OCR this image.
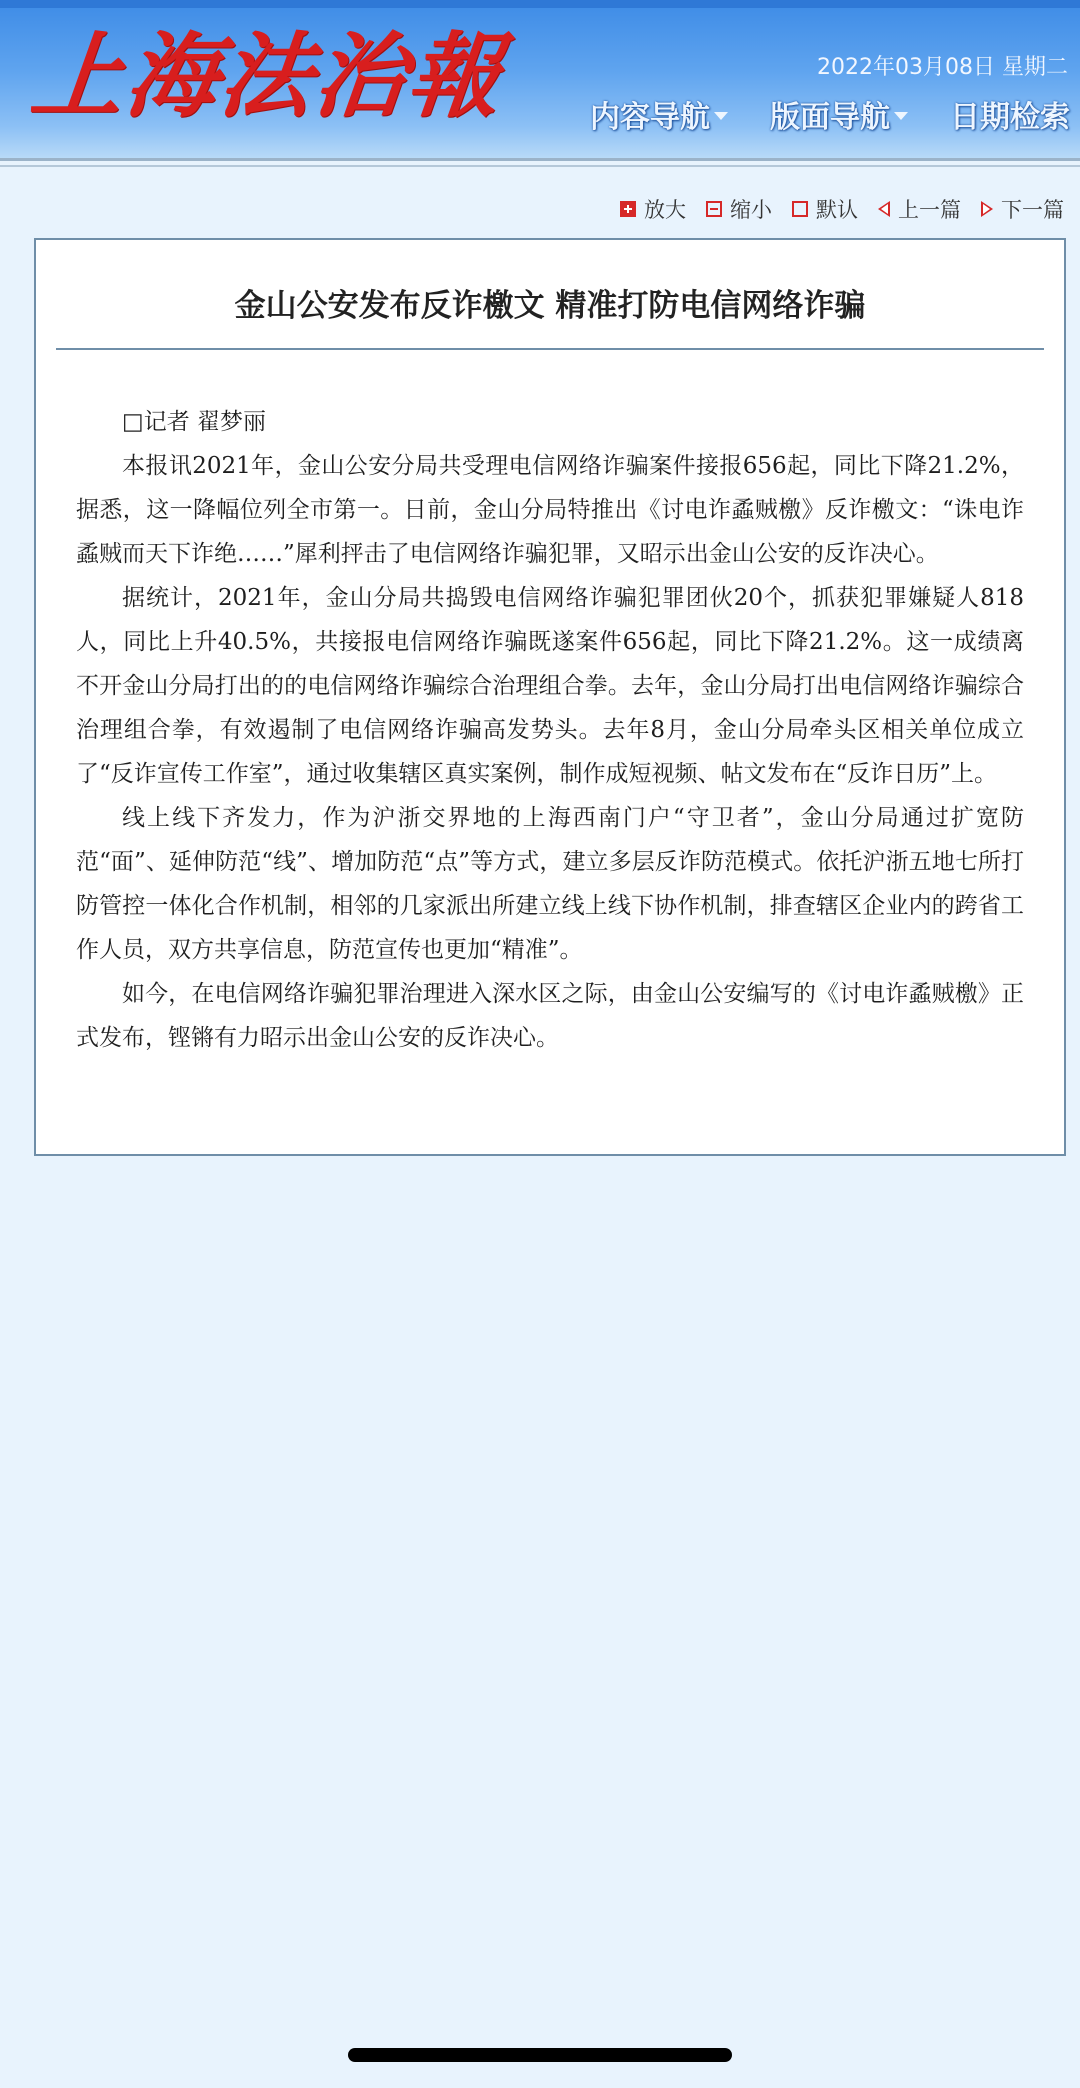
上海法治報	2022年03月08日 星期二
内容导航 版面导航 日期检索
放大 缩小 默认 上一篇 下一篇
金山公安发布反诈檄文 精准打防电信网络诈骗

□记者 翟梦丽

本报讯2021年，金山公安分局共受理电信网络诈骗案件接报656起，同比下降21.2%，据悉，这一降幅位列全市第一。日前，金山分局特推出《讨电诈蟊贼檄》反诈檄文：“诛电诈蟊贼而天下诈绝……”犀利抨击了电信网络诈骗犯罪，又昭示出金山公安的反诈决心。

据统计，2021年，金山分局共捣毁电信网络诈骗犯罪团伙20个，抓获犯罪嫌疑人818人，同比上升40.5%，共接报电信网络诈骗既遂案件656起，同比下降21.2%。这一成绩离不开金山分局打出的的电信网络诈骗综合治理组合拳。去年，金山分局打出电信网络诈骗综合治理组合拳，有效遏制了电信网络诈骗高发势头。去年8月，金山分局牵头区相关单位成立了“反诈宣传工作室”，通过收集辖区真实案例，制作成短视频、帖文发布在“反诈日历”上。

线上线下齐发力，作为沪浙交界地的上海西南门户“守卫者”，金山分局通过扩宽防范“面”、延伸防范“线”、增加防范“点”等方式，建立多层反诈防范模式。依托沪浙五地七所打防管控一体化合作机制，相邻的几家派出所建立线上线下协作机制，排查辖区企业内的跨省工作人员，双方共享信息，防范宣传也更加“精准”。

如今，在电信网络诈骗犯罪治理进入深水区之际，由金山公安编写的《讨电诈蟊贼檄》正式发布，铿锵有力昭示出金山公安的反诈决心。
